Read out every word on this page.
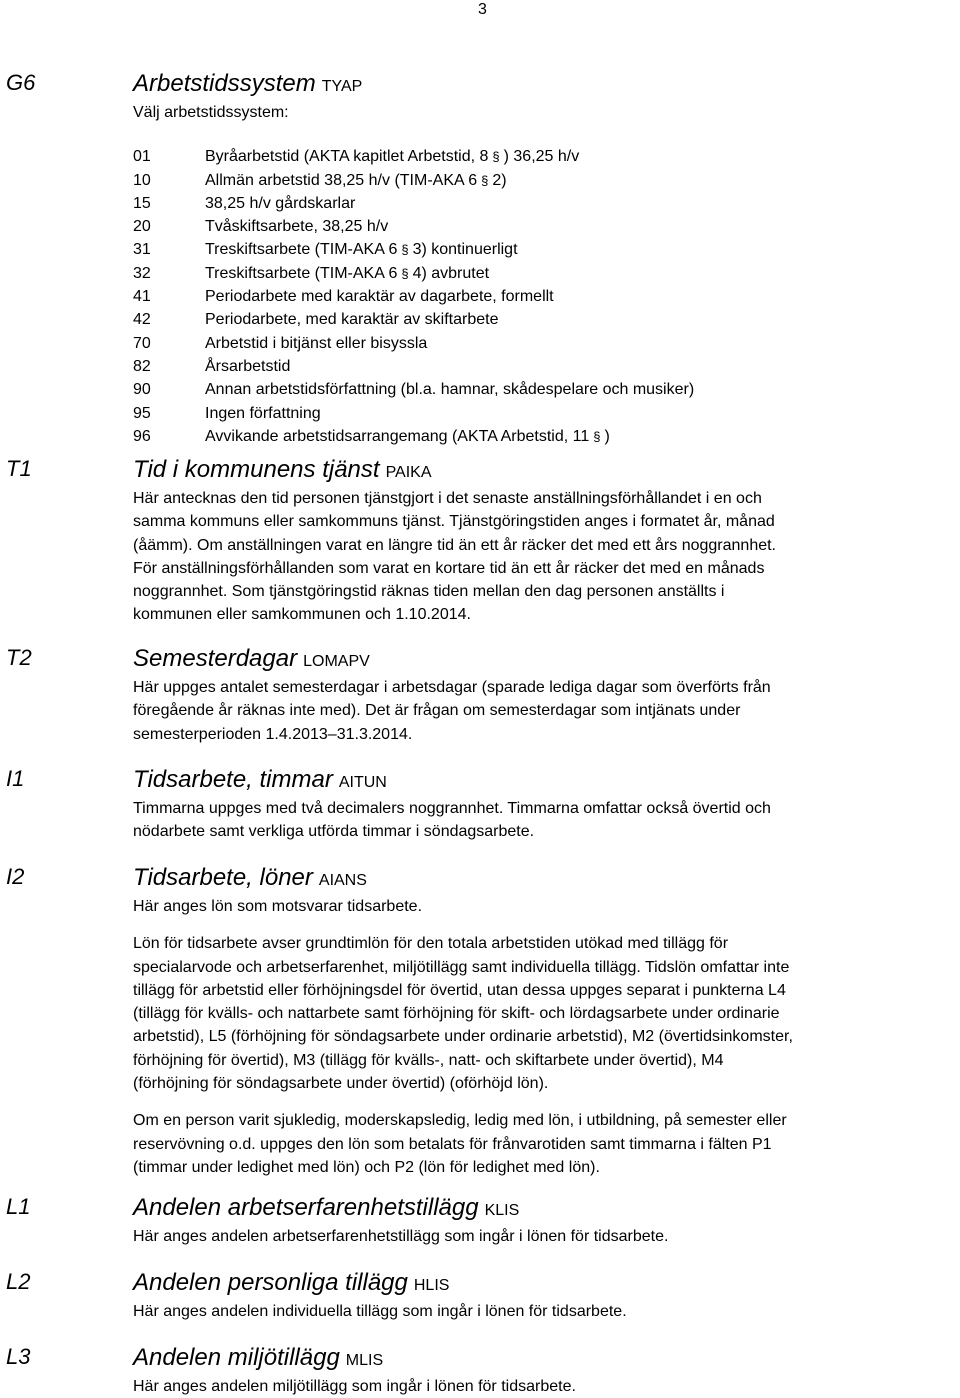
3
G6	Arbetstidssystem TYAP
Välj arbetstidssystem:
01	Byråarbetstid (AKTA kapitlet Arbetstid, 8 § ) 36,25 h/v
10	Allmän arbetstid 38,25 h/v (TIM-AKA 6 § 2)
15	38,25 h/v gårdskarlar
20	Tvåskiftsarbete, 38,25 h/v
31	Treskiftsarbete (TIM-AKA 6 § 3) kontinuerligt
32	Treskiftsarbete (TIM-AKA 6 § 4) avbrutet
41	Periodarbete med karaktär av dagarbete, formellt
42	Periodarbete, med karaktär av skiftarbete
70	Arbetstid i bitjänst eller bisyssla
82	Årsarbetstid
90	Annan arbetstidsförfattning (bl.a. hamnar, skådespelare och musiker)
95	Ingen författning
96	Avvikande arbetstidsarrangemang (AKTA Arbetstid, 11 § )
T1	Tid i kommunens tjänst PAIKA
Här antecknas den tid personen tjänstgjort i det senaste anställningsförhållandet i en och
samma kommuns eller samkommuns tjänst. Tjänstgöringstiden anges i formatet år, månad
(åämm). Om anställningen varat en längre tid än ett år räcker det med ett års noggrannhet.
För anställningsförhållanden som varat en kortare tid än ett år räcker det med en månads
noggrannhet. Som tjänstgöringstid räknas tiden mellan den dag personen anställts i
kommunen eller samkommunen och 1.10.2014.
T2	Semesterdagar LOMAPV
Här uppges antalet semesterdagar i arbetsdagar (sparade lediga dagar som överförts från
föregående år räknas inte med). Det är frågan om semesterdagar som intjänats under
semesterperioden 1.4.2013–31.3.2014.
I1	Tidsarbete, timmar AITUN
Timmarna uppges med två decimalers noggrannhet. Timmarna omfattar också övertid och
nödarbete samt verkliga utförda timmar i söndagsarbete.
I2	Tidsarbete, löner AIANS
Här anges lön som motsvarar tidsarbete.
Lön för tidsarbete avser grundtimlön för den totala arbetstiden utökad med tillägg för
specialarvode och arbetserfarenhet, miljötillägg samt individuella tillägg. Tidslön omfattar inte
tillägg för arbetstid eller förhöjningsdel för övertid, utan dessa uppges separat i punkterna L4
(tillägg för kvälls- och nattarbete samt förhöjning för skift- och lördagsarbete under ordinarie
arbetstid), L5 (förhöjning för söndagsarbete under ordinarie arbetstid), M2 (övertidsinkomster,
förhöjning för övertid), M3 (tillägg för kvälls-, natt- och skiftarbete under övertid), M4
(förhöjning för söndagsarbete under övertid) (oförhöjd lön).
Om en person varit sjukledig, moderskapsledig, ledig med lön, i utbildning, på semester eller
reservövning o.d. uppges den lön som betalats för frånvarotiden samt timmarna i fälten P1
(timmar under ledighet med lön) och P2 (lön för ledighet med lön).
L1	Andelen arbetserfarenhetstillägg KLIS
Här anges andelen arbetserfarenhetstillägg som ingår i lönen för tidsarbete.
L2	Andelen personliga tillägg HLIS
Här anges andelen individuella tillägg som ingår i lönen för tidsarbete.
L3	Andelen miljötillägg MLIS
Här anges andelen miljötillägg som ingår i lönen för tidsarbete.
